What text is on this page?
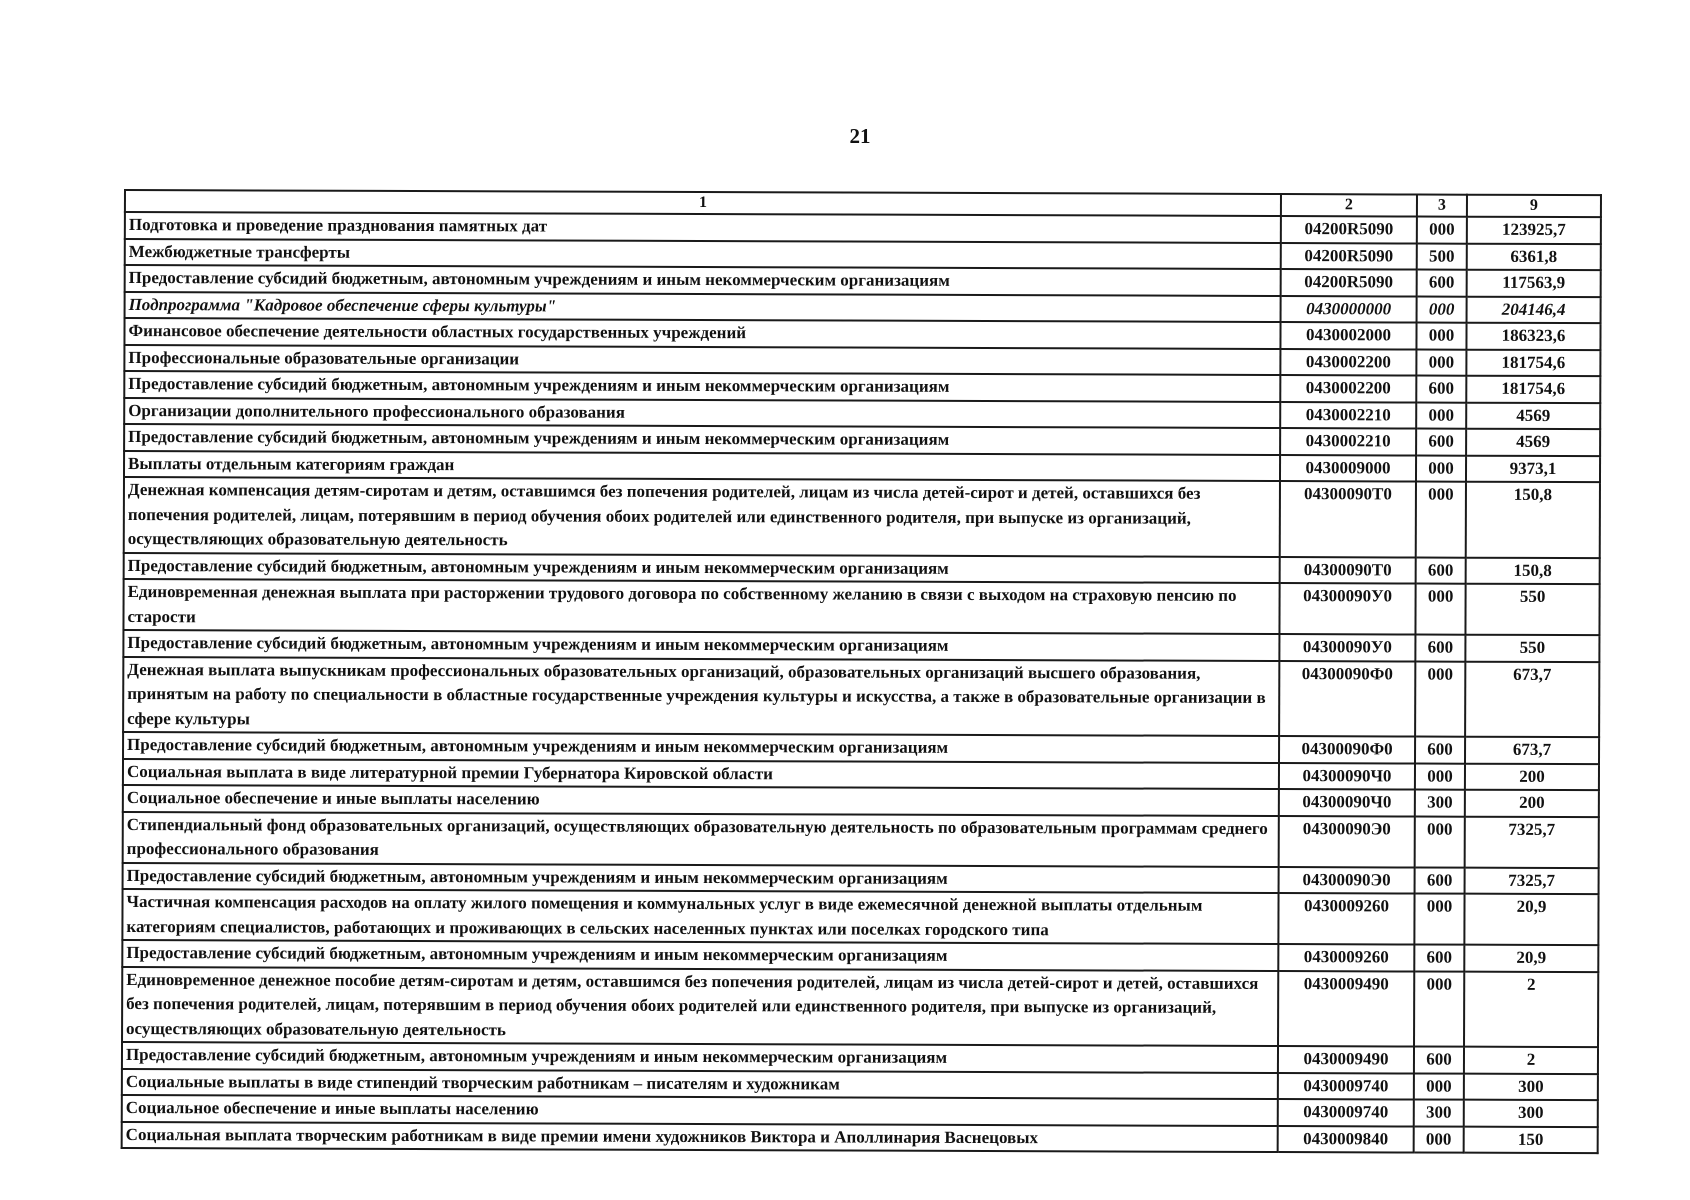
21
1	2	3	9
Подготовка и проведение празднования памятных дат	04200R5090	000	123925,7
Межбюджетные трансферты	04200R5090	500	6361,8
Предоставление субсидий бюджетным, автономным учреждениям и иным некоммерческим организациям	04200R5090	600	117563,9
Подпрограмма "Кадровое обеспечение сферы культуры"	0430000000	000	204146,4
Финансовое обеспечение деятельности областных государственных учреждений	0430002000	000	186323,6
Профессиональные образовательные организации	0430002200	000	181754,6
Предоставление субсидий бюджетным, автономным учреждениям и иным некоммерческим организациям	0430002200	600	181754,6
Организации дополнительного профессионального образования	0430002210	000	4569
Предоставление субсидий бюджетным, автономным учреждениям и иным некоммерческим организациям	0430002210	600	4569
Выплаты отдельным категориям граждан	0430009000	000	9373,1
Денежная компенсация детям-сиротам и детям, оставшимся без попечения родителей, лицам из числа детей-сирот и детей, оставшихся без попечения родителей, лицам, потерявшим в период обучения обоих родителей или единственного родителя, при выпуске из организаций, осуществляющих образовательную деятельность	04300090Т0	000	150,8
Предоставление субсидий бюджетным, автономным учреждениям и иным некоммерческим организациям	04300090Т0	600	150,8
Единовременная денежная выплата при расторжении трудового договора по собственному желанию в связи с выходом на страховую пенсию по старости	04300090У0	000	550
Предоставление субсидий бюджетным, автономным учреждениям и иным некоммерческим организациям	04300090У0	600	550
Денежная выплата выпускникам профессиональных образовательных организаций, образовательных организаций высшего образования, принятым на работу по специальности в областные государственные учреждения культуры и искусства, а также в образовательные организации в сфере культуры	04300090Ф0	000	673,7
Предоставление субсидий бюджетным, автономным учреждениям и иным некоммерческим организациям	04300090Ф0	600	673,7
Социальная выплата в виде литературной премии Губернатора Кировской области	04300090Ч0	000	200
Социальное обеспечение и иные выплаты населению	04300090Ч0	300	200
Стипендиальный фонд образовательных организаций, осуществляющих образовательную деятельность по образовательным программам среднего профессионального образования	04300090Э0	000	7325,7
Предоставление субсидий бюджетным, автономным учреждениям и иным некоммерческим организациям	04300090Э0	600	7325,7
Частичная компенсация расходов на оплату жилого помещения и коммунальных услуг в виде ежемесячной денежной выплаты отдельным категориям специалистов, работающих и проживающих в сельских населенных пунктах или поселках городского типа	0430009260	000	20,9
Предоставление субсидий бюджетным, автономным учреждениям и иным некоммерческим организациям	0430009260	600	20,9
Единовременное денежное пособие детям-сиротам и детям, оставшимся без попечения родителей, лицам из числа детей-сирот и детей, оставшихся без попечения родителей, лицам, потерявшим в период обучения обоих родителей или единственного родителя, при выпуске из организаций, осуществляющих образовательную деятельность	0430009490	000	2
Предоставление субсидий бюджетным, автономным учреждениям и иным некоммерческим организациям	0430009490	600	2
Социальные выплаты в виде стипендий творческим работникам – писателям и художникам	0430009740	000	300
Социальное обеспечение и иные выплаты населению	0430009740	300	300
Социальная выплата творческим работникам в виде премии имени художников Виктора и Аполлинария Васнецовых	0430009840	000	150
